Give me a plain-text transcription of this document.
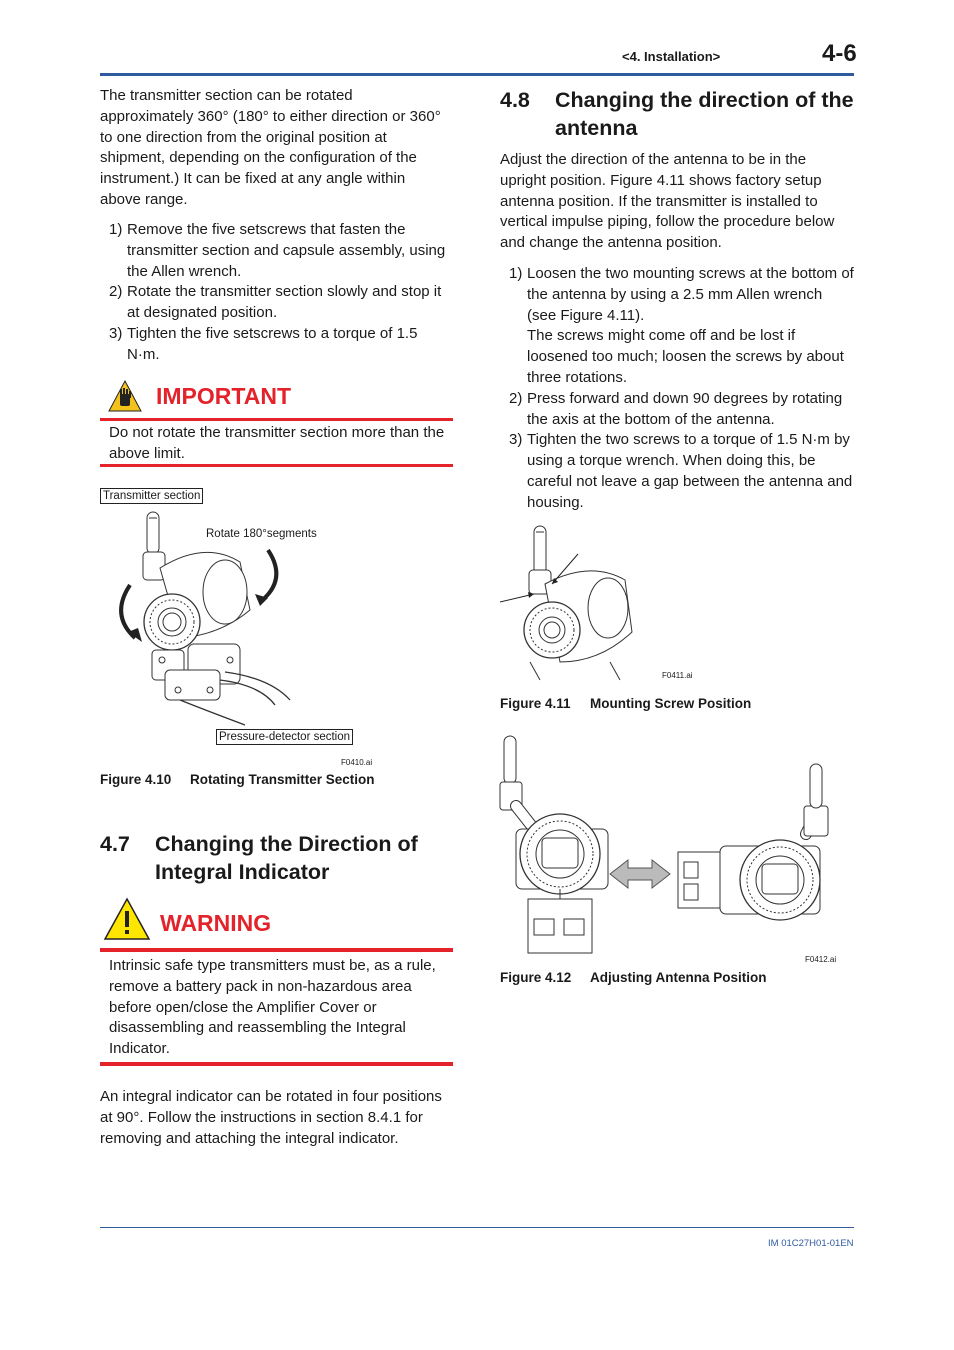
<4. Installation>	4-6

The transmitter section can be rotated approximately 360° (180° to either direction or 360° to one direction from the original position at shipment, depending on the configuration of the instrument.) It can be fixed at any angle within above range.

1) Remove the five setscrews that fasten the transmitter section and capsule assembly, using the Allen wrench.
2) Rotate the transmitter section slowly and stop it at designated position.
3) Tighten the five setscrews to a torque of 1.5 N·m.
IMPORTANT

Do not rotate the transmitter section more than the above limit.

Transmitter section
Rotate 180°segments
Pressure-detector section
F0410.ai
Figure 4.10 Rotating Transmitter Section
4.7 Changing the Direction of Integral Indicator
WARNING

Intrinsic safe type transmitters must be, as a rule, remove a battery pack in non-hazardous area before open/close the Amplifier Cover or disassembling and reassembling the Integral Indicator.

An integral indicator can be rotated in four positions at 90°. Follow the instructions in section 8.4.1 for removing and attaching the integral indicator.

4.8 Changing the direction of the antenna

Adjust the direction of the antenna to be in the upright position. Figure 4.11 shows factory setup antenna position. If the transmitter is installed to vertical impulse piping, follow the procedure below and change the antenna position.

1) Loosen the two mounting screws at the bottom of the antenna by using a 2.5 mm Allen wrench (see Figure 4.11).
The screws might come off and be lost if loosened too much; loosen the screws by about three rotations.
2) Press forward and down 90 degrees by rotating the axis at the bottom of the antenna.
3) Tighten the two screws to a torque of 1.5 N·m by using a torque wrench. When doing this, be careful not leave a gap between the antenna and housing.
F0411.ai
Figure 4.11 Mounting Screw Position
F0412.ai
Figure 4.12 Adjusting Antenna Position
IM 01C27H01-01EN
